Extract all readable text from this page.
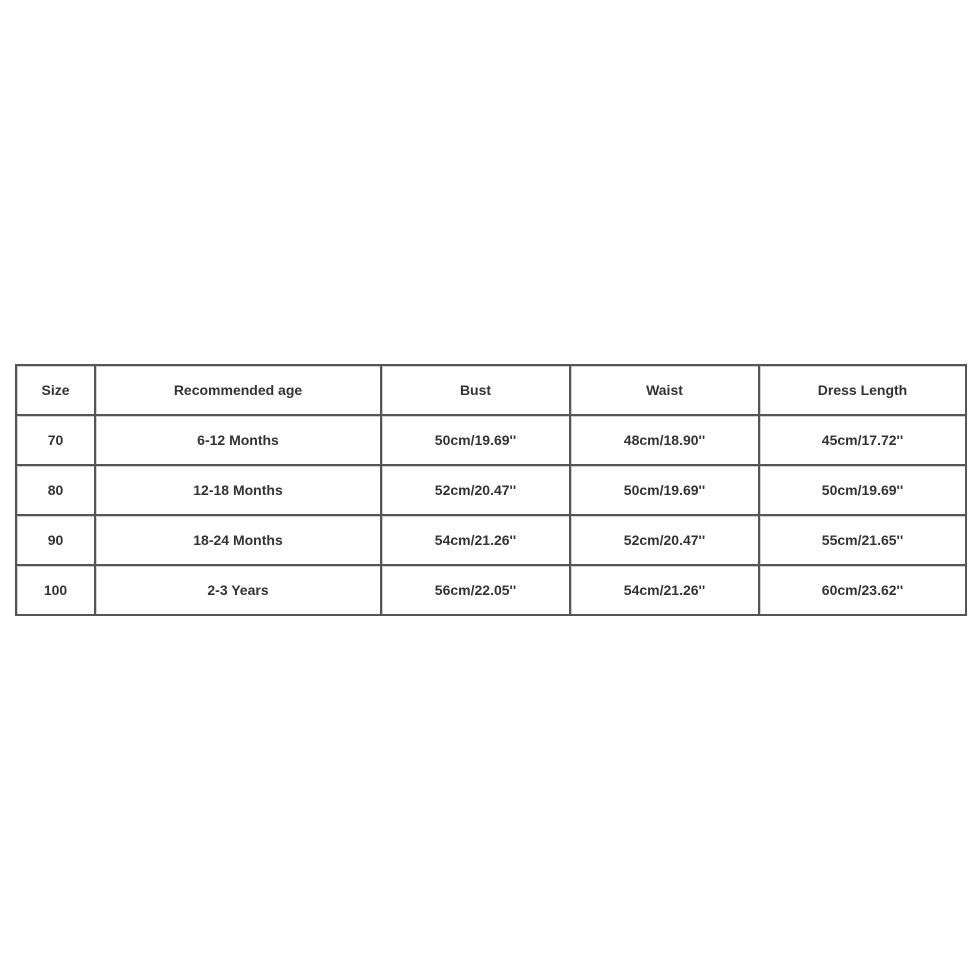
Size	Recommended age	Bust	Waist	Dress Length
70	6-12 Months	50cm/19.69''	48cm/18.90''	45cm/17.72''
80	12-18 Months	52cm/20.47''	50cm/19.69''	50cm/19.69''
90	18-24 Months	54cm/21.26''	52cm/20.47''	55cm/21.65''
100	2-3 Years	56cm/22.05''	54cm/21.26''	60cm/23.62''
